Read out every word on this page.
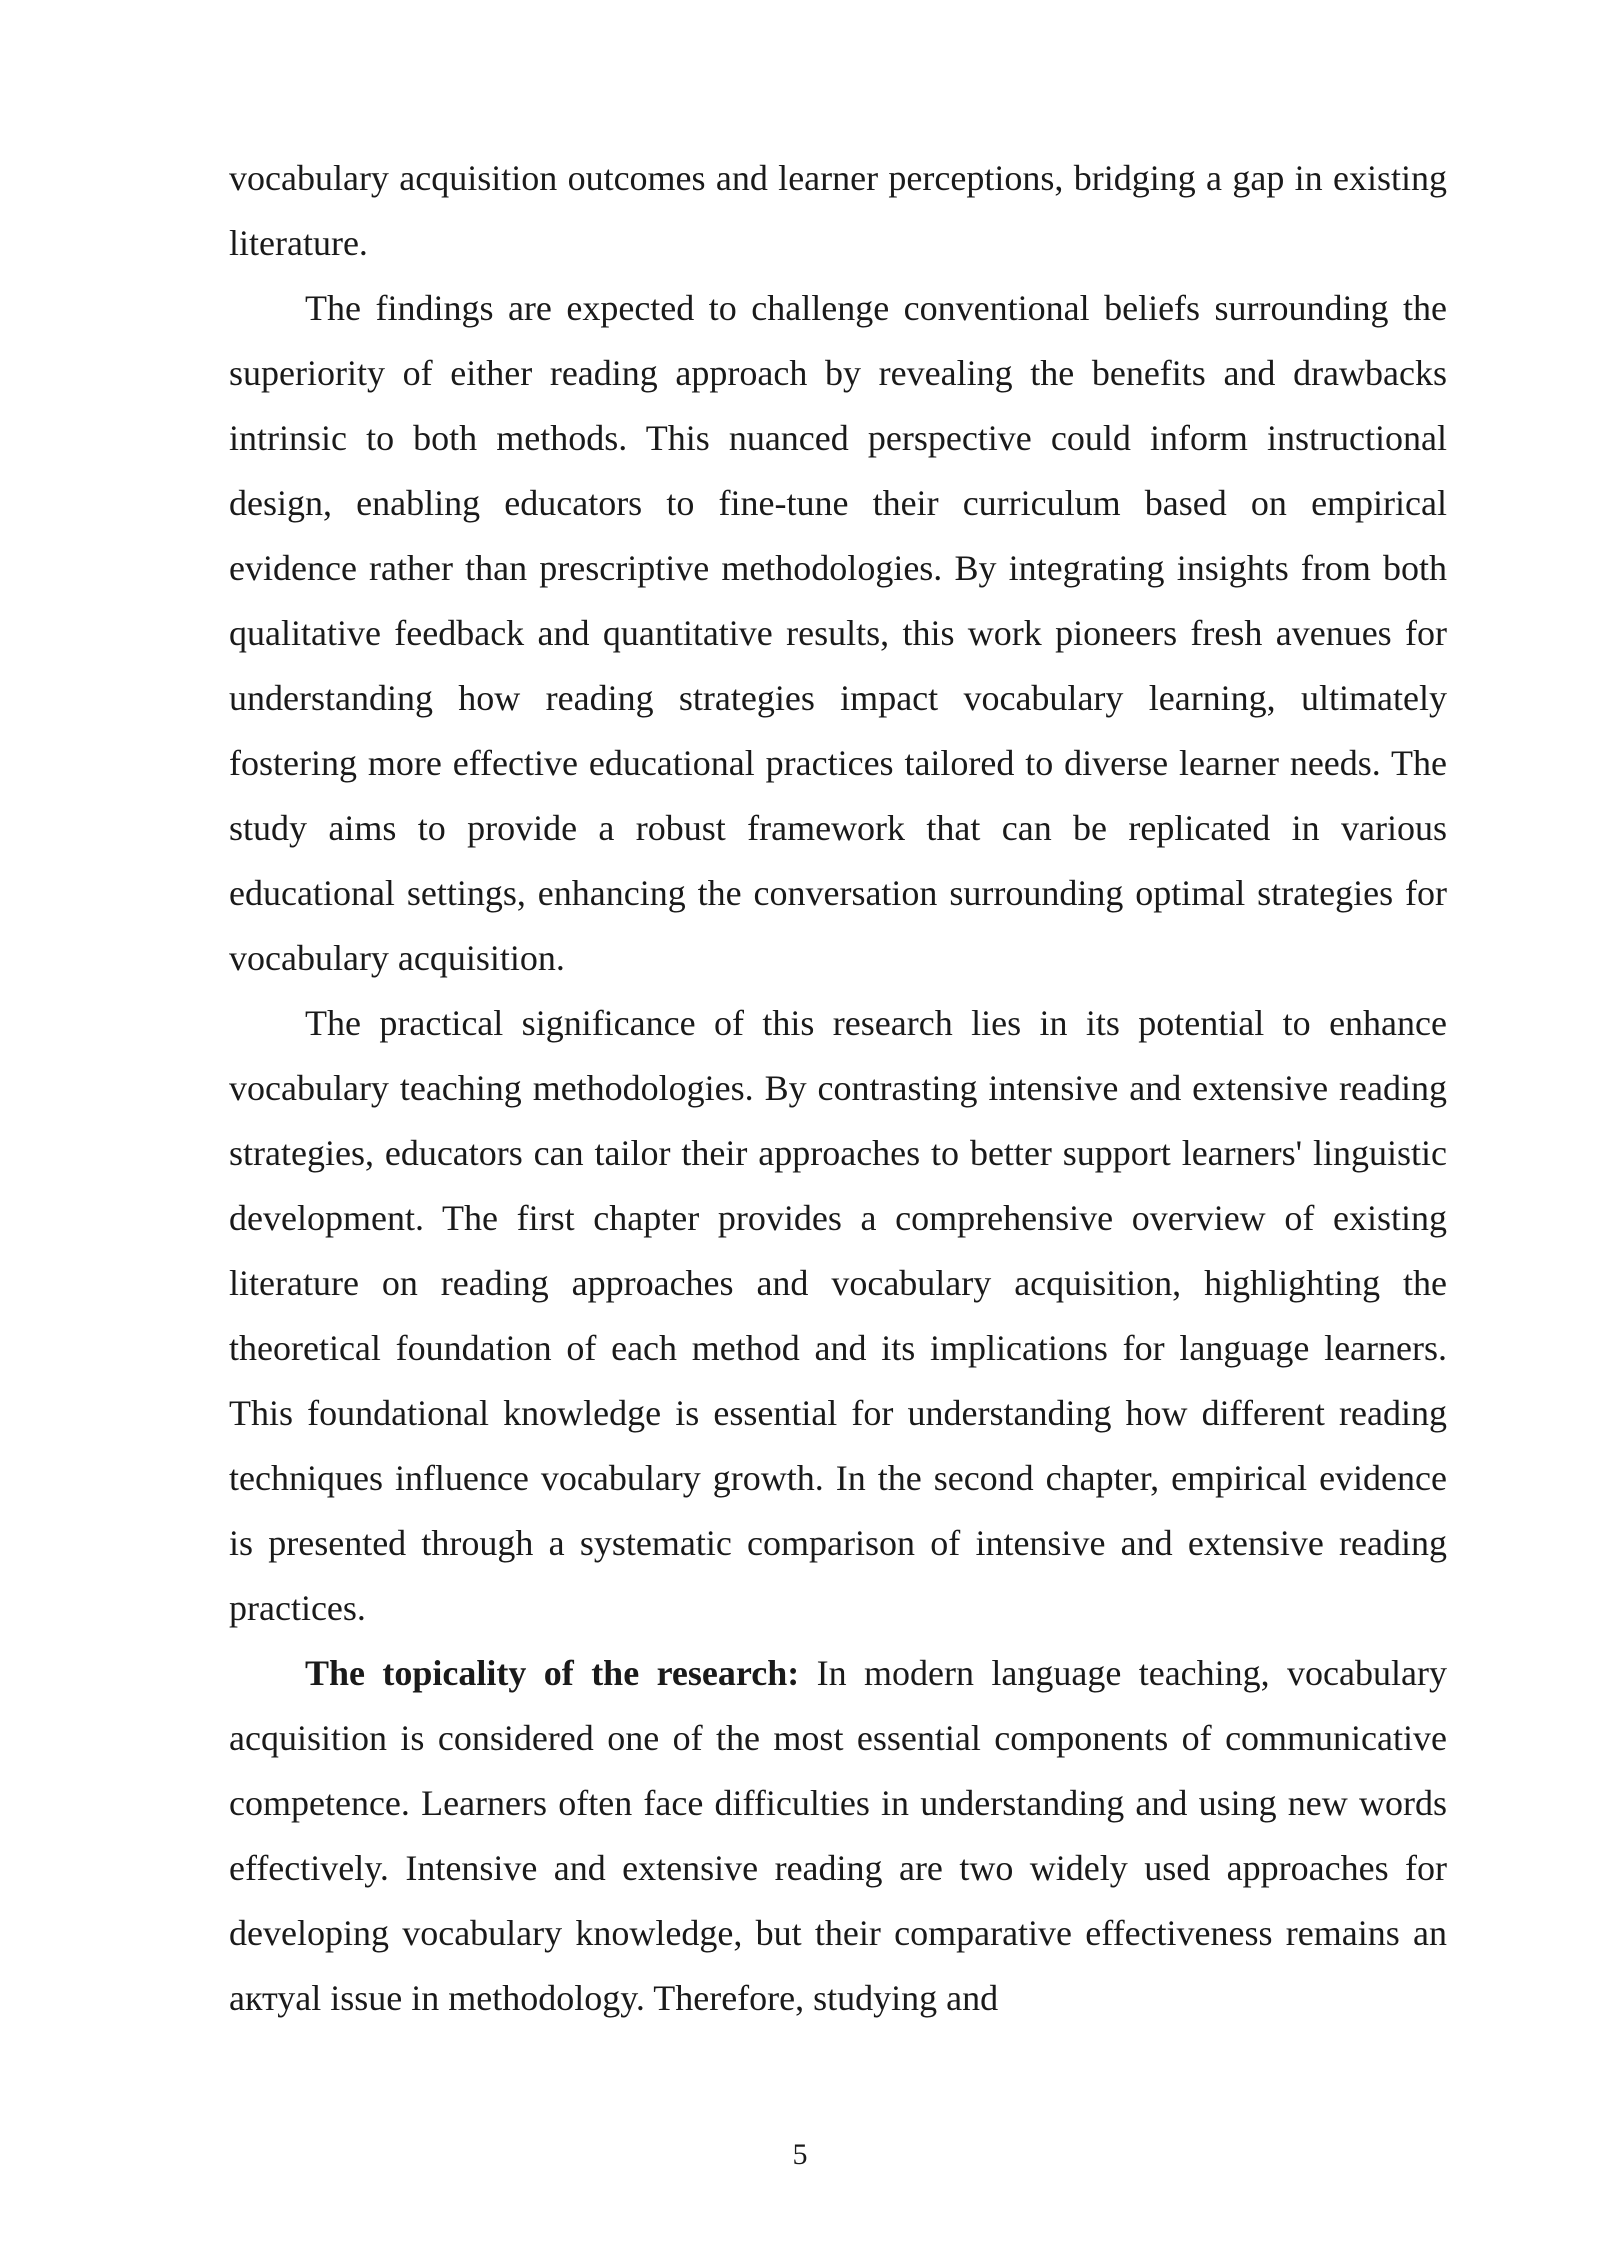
vocabulary acquisition outcomes and learner perceptions, bridging a gap in existing literature.

The findings are expected to challenge conventional beliefs surrounding the superiority of either reading approach by revealing the benefits and drawbacks intrinsic to both methods. This nuanced perspective could inform instructional design, enabling educators to fine-tune their curriculum based on empirical evidence rather than prescriptive methodologies. By integrating insights from both qualitative feedback and quantitative results, this work pioneers fresh avenues for understanding how reading strategies impact vocabulary learning, ultimately fostering more effective educational practices tailored to diverse learner needs. The study aims to provide a robust framework that can be replicated in various educational settings, enhancing the conversation surrounding optimal strategies for vocabulary acquisition.

The practical significance of this research lies in its potential to enhance vocabulary teaching methodologies. By contrasting intensive and extensive reading strategies, educators can tailor their approaches to better support learners' linguistic development. The first chapter provides a comprehensive overview of existing literature on reading approaches and vocabulary acquisition, highlighting the theoretical foundation of each method and its implications for language learners. This foundational knowledge is essential for understanding how different reading techniques influence vocabulary growth. In the second chapter, empirical evidence is presented through a systematic comparison of intensive and extensive reading practices.

The topicality of the research: In modern language teaching, vocabulary acquisition is considered one of the most essential components of communicative competence. Learners often face difficulties in understanding and using new words effectively. Intensive and extensive reading are two widely used approaches for developing vocabulary knowledge, but their comparative effectiveness remains an актуal issue in methodology. Therefore, studying and

5
